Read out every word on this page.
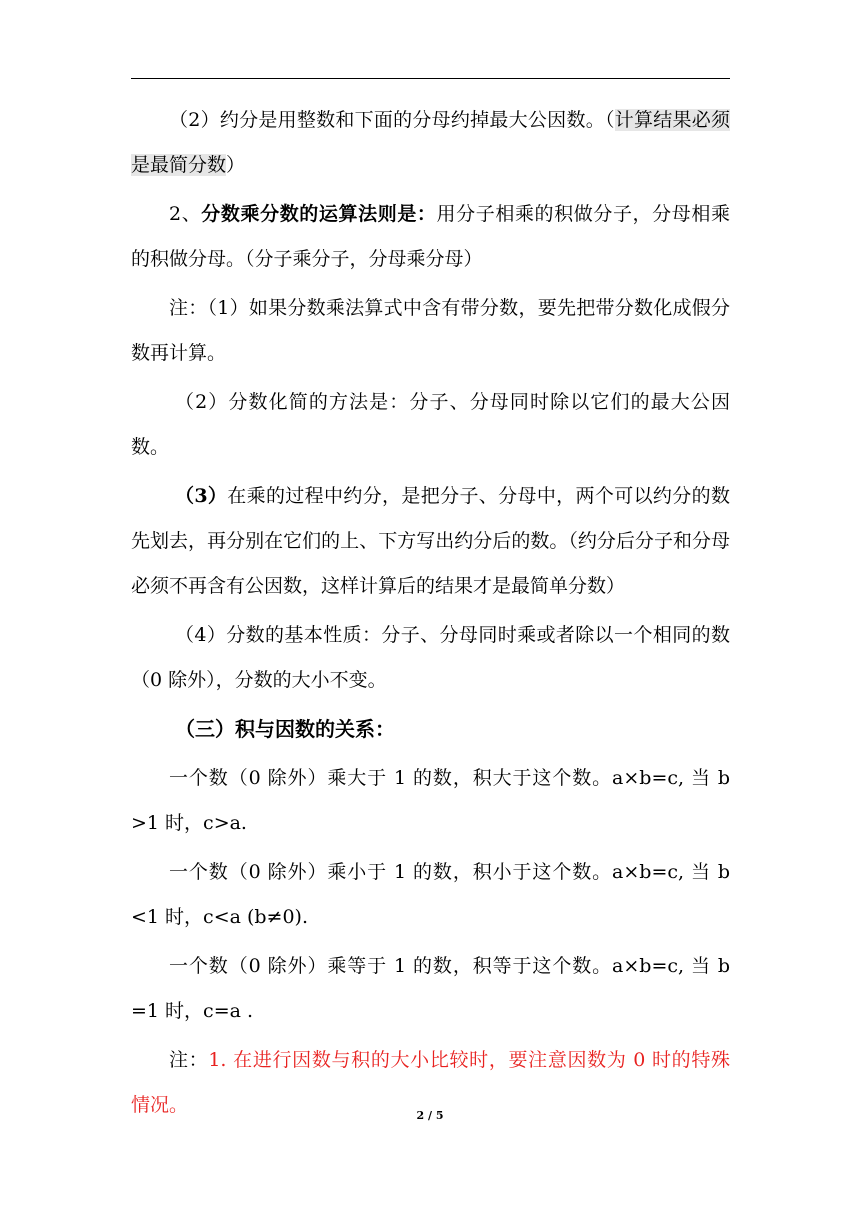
（2）约分是用整数和下面的分母约掉最大公因数。（计算结果必须是最简分数）

2、分数乘分数的运算法则是：用分子相乘的积做分子，分母相乘的积做分母。（分子乘分子，分母乘分母）

注：（1）如果分数乘法算式中含有带分数，要先把带分数化成假分数再计算。

（2）分数化简的方法是：分子、分母同时除以它们的最大公因数。

（3）在乘的过程中约分，是把分子、分母中，两个可以约分的数先划去，再分别在它们的上、下方写出约分后的数。（约分后分子和分母必须不再含有公因数，这样计算后的结果才是最简单分数）

（4）分数的基本性质：分子、分母同时乘或者除以一个相同的数（0 除外），分数的大小不变。

（三）积与因数的关系：

一个数（0 除外）乘大于 1 的数，积大于这个数。a×b=c, 当 b >1 时，c>a.

一个数（0 除外）乘小于 1 的数，积小于这个数。a×b=c, 当 b <1 时，c<a (b≠0).

一个数（0 除外）乘等于 1 的数，积等于这个数。a×b=c, 当 b =1 时，c=a .

注：1. 在进行因数与积的大小比较时，要注意因数为 0 时的特殊情况。	2 / 5
